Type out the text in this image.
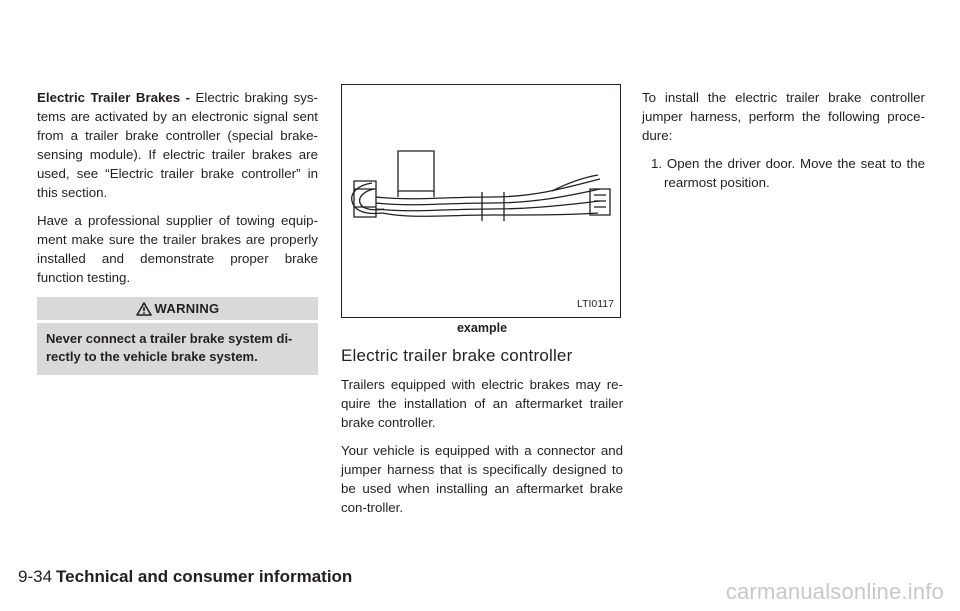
Electric Trailer Brakes - Electric braking sys-tems are activated by an electronic signal sent from a trailer brake controller (special brake-sensing module). If electric trailer brakes are used, see “Electric trailer brake controller” in this section.

Have a professional supplier of towing equip-ment make sure the trailer brakes are properly installed and demonstrate proper brake function testing.

WARNING
Never connect a trailer brake system di-rectly to the vehicle brake system.
LTI0117
example
Electric trailer brake controller

Trailers equipped with electric brakes may re-quire the installation of an aftermarket trailer brake controller.

Your vehicle is equipped with a connector and jumper harness that is specifically designed to be used when installing an aftermarket brake con-troller.

To install the electric trailer brake controller jumper harness, perform the following proce-dure:

1. Open the driver door. Move the seat to the rearmost position.

9-34 Technical and consumer information
carmanualsonline.info
